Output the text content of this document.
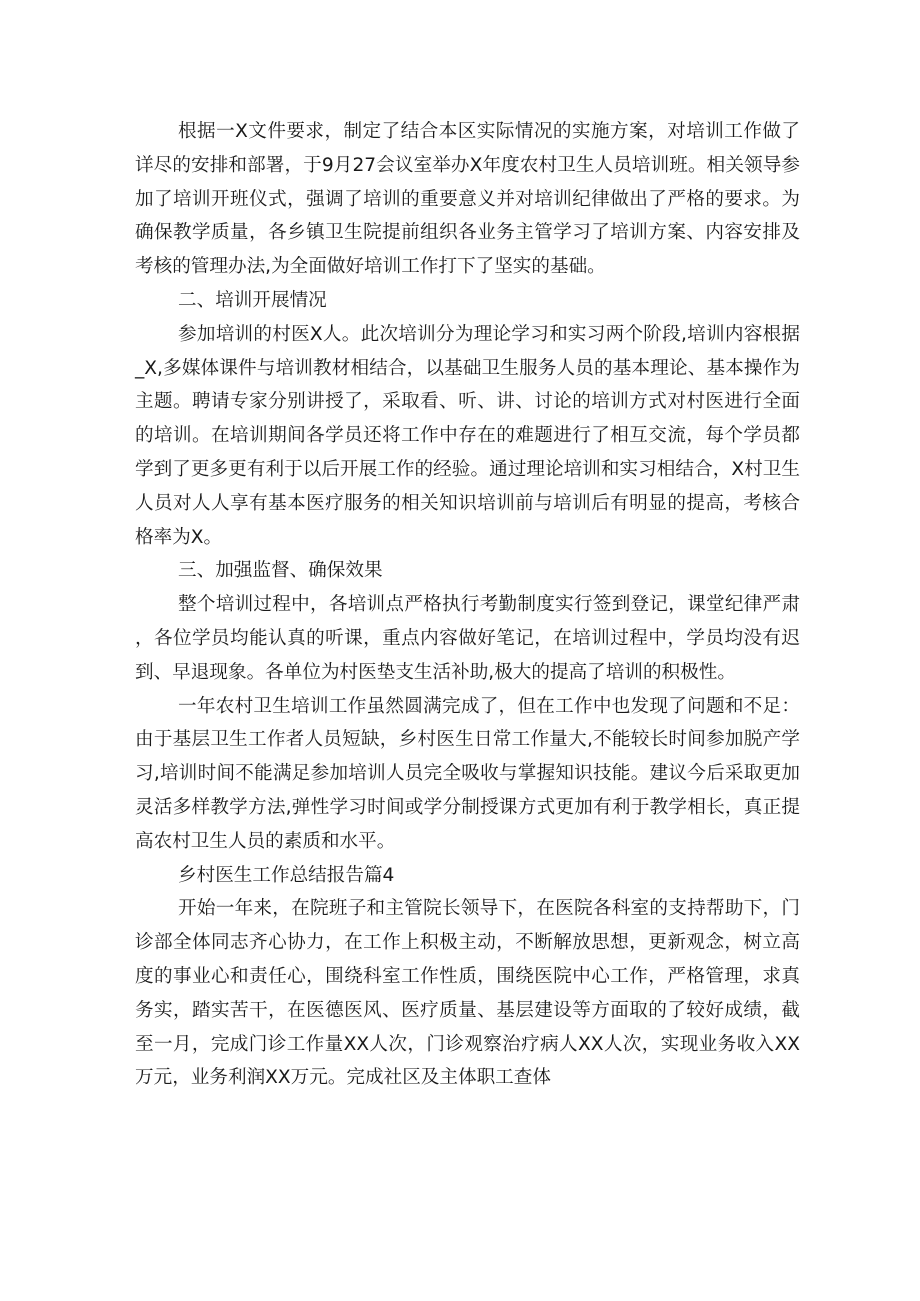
根据一X文件要求，制定了结合本区实际情况的实施方案，对培训工作做了详尽的安排和部署，于9月27会议室举办X年度农村卫生人员培训班。相关领导参加了培训开班仪式，强调了培训的重要意义并对培训纪律做出了严格的要求。为确保教学质量，各乡镇卫生院提前组织各业务主管学习了培训方案、内容安排及考核的管理办法,为全面做好培训工作打下了坚实的基础。

二、培训开展情况

参加培训的村医X人。此次培训分为理论学习和实习两个阶段,培训内容根据_X,多媒体课件与培训教材相结合，以基础卫生服务人员的基本理论、基本操作为主题。聘请专家分别讲授了，采取看、听、讲、讨论的培训方式对村医进行全面的培训。在培训期间各学员还将工作中存在的难题进行了相互交流，每个学员都学到了更多更有利于以后开展工作的经验。通过理论培训和实习相结合，X村卫生人员对人人享有基本医疗服务的相关知识培训前与培训后有明显的提高，考核合格率为X。

三、加强监督、确保效果

整个培训过程中，各培训点严格执行考勤制度实行签到登记，课堂纪律严肃，各位学员均能认真的听课，重点内容做好笔记，在培训过程中，学员均没有迟到、早退现象。各单位为村医垫支生活补助,极大的提高了培训的积极性。

一年农村卫生培训工作虽然圆满完成了，但在工作中也发现了问题和不足：由于基层卫生工作者人员短缺，乡村医生日常工作量大,不能较长时间参加脱产学习,培训时间不能满足参加培训人员完全吸收与掌握知识技能。建议今后采取更加灵活多样教学方法,弹性学习时间或学分制授课方式更加有利于教学相长，真正提高农村卫生人员的素质和水平。

乡村医生工作总结报告篇4

开始一年来，在院班子和主管院长领导下，在医院各科室的支持帮助下，门诊部全体同志齐心协力，在工作上积极主动，不断解放思想，更新观念，树立高度的事业心和责任心，围绕科室工作性质，围绕医院中心工作，严格管理，求真务实，踏实苦干，在医德医风、医疗质量、基层建设等方面取的了较好成绩，截至一月，完成门诊工作量XX人次，门诊观察治疗病人XX人次，实现业务收入XX万元，业务利润XX万元。完成社区及主体职工查体
